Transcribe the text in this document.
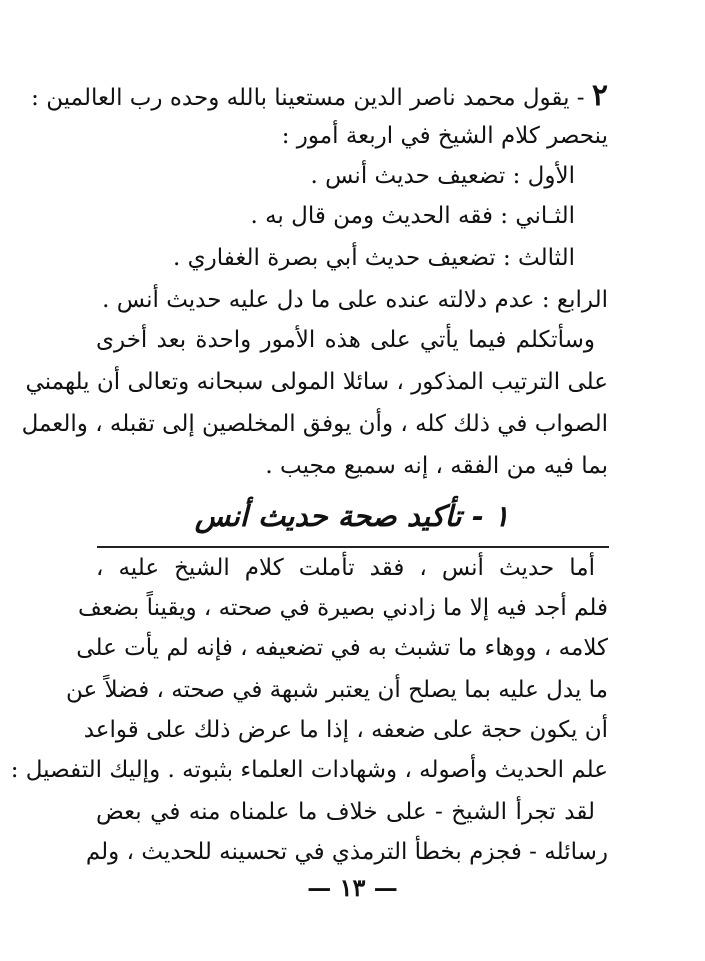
٢ - يقول محمد ناصر الدين مستعينا بالله وحده رب العالمين :
ينحصر كلام الشيخ في اربعة أمور :
الأول : تضعيف حديث أنس .
الثـاني : فقه الحديث ومن قال به .
الثالث : تضعيف حديث أبي بصرة الغفاري .
الرابع : عدم دلالته عنده على ما دل عليه حديث أنس .
وسأتكلم فيما يأتي على هذه الأمور واحدة بعد أخرى
على الترتيب المذكور ، سائلا المولى سبحانه وتعالى أن يلهمني
الصواب في ذلك كله ، وأن يوفق المخلصين إلى تقبله ، والعمل
بما فيه من الفقه ، إنه سميع مجيب .
١ - تأكيد صحة حديث أنس
أما حديث أنس ، فقد تأملت كلام الشيخ عليه ،
فلم أجد فيه إلا ما زادني بصيرة في صحته ، ويقيناً بضعف
كلامه ، ووهاء ما تشبث به في تضعيفه ، فإنه لم يأت على
ما يدل عليه بما يصلح أن يعتبر شبهة في صحته ، فضلاً عن
أن يكون حجة على ضعفه ، إذا ما عرض ذلك على قواعد
علم الحديث وأصوله ، وشهادات العلماء بثبوته . وإليك التفصيل :
لقد تجرأ الشيخ - على خلاف ما علمناه منه في بعض
رسائله - فجزم بخطأ الترمذي في تحسينه للحديث ، ولم
— ١٣ —
